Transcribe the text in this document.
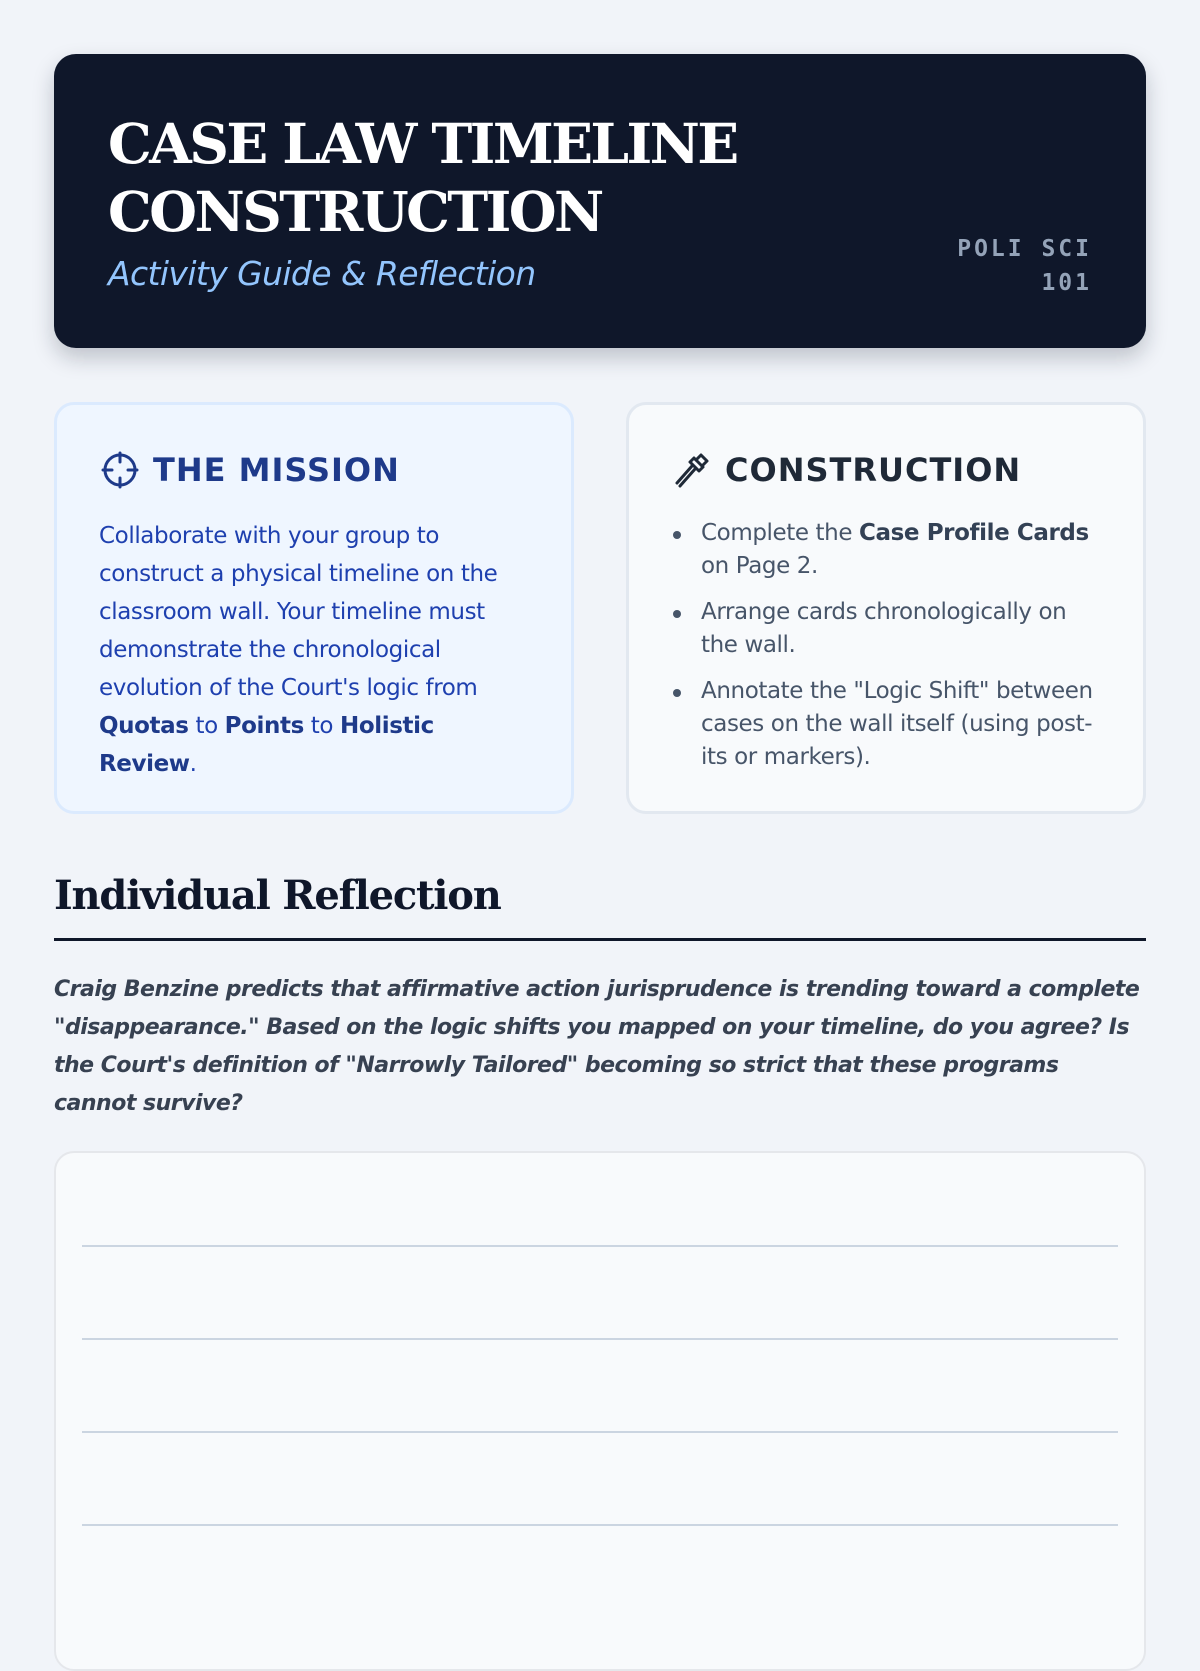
CASE LAW TIMELINE CONSTRUCTION
Activity Guide & Reflection
POLI SCI 101
THE MISSION
Collaborate with your group to construct a physical timeline on the classroom wall. Your timeline must demonstrate the chronological evolution of the Court's logic from Quotas to Points to Holistic Review.
CONSTRUCTION
Complete the Case Profile Cards on Page 2.
Arrange cards chronologically on the wall.
Annotate the "Logic Shift" between cases on the wall itself (using post-its or markers).
Individual Reflection
Craig Benzine predicts that affirmative action jurisprudence is trending toward a complete "disappearance." Based on the logic shifts you mapped on your timeline, do you agree? Is the Court's definition of "Narrowly Tailored" becoming so strict that these programs cannot survive?
